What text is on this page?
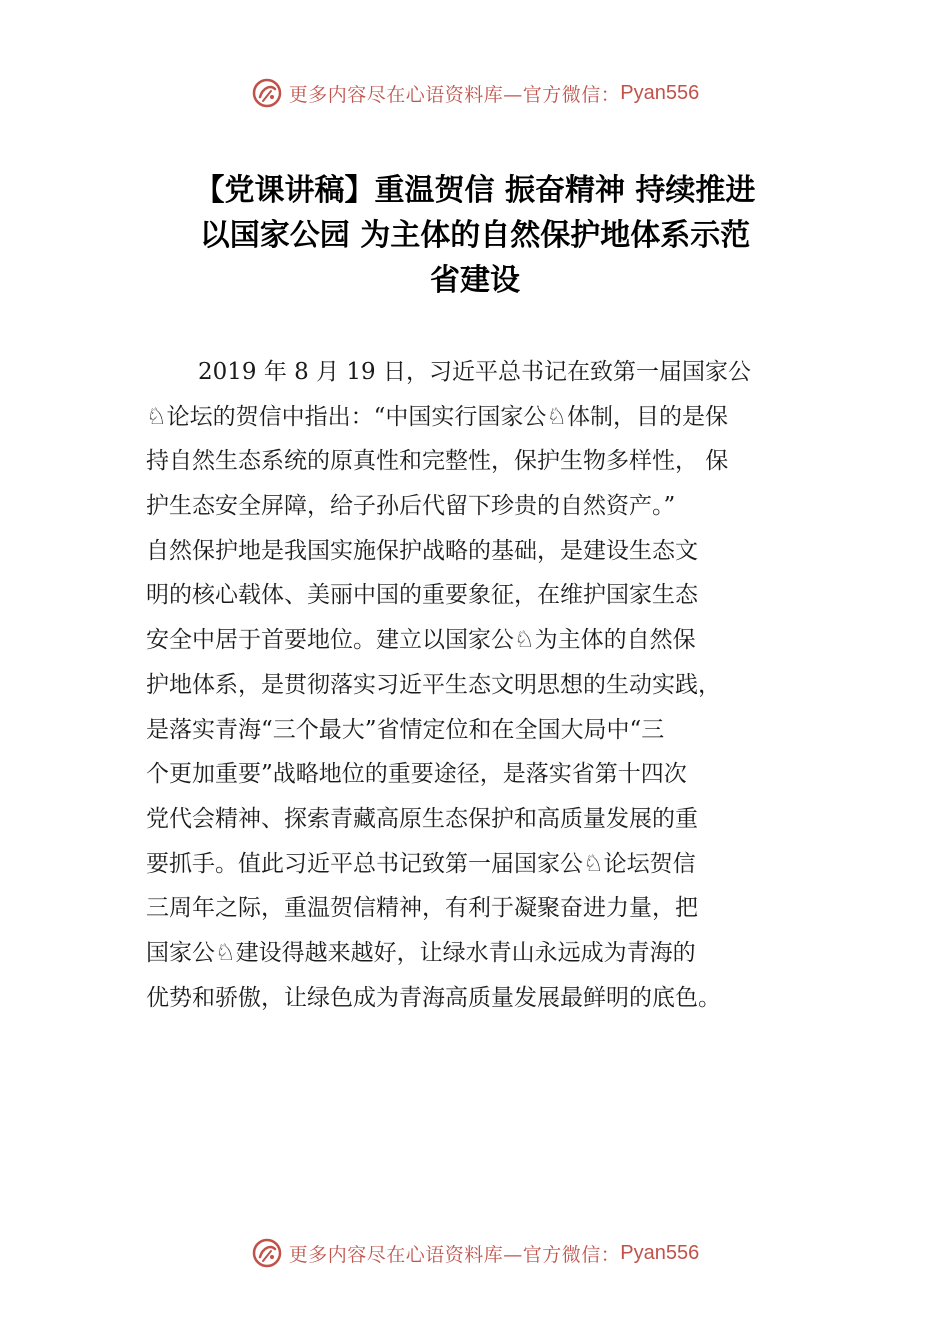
更多内容尽在心语资料库—官方微信： Pyan556
【党课讲稿】重温贺信 振奋精神 持续推进
以国家公园 为主体的自然保护地体系示范
省建设
2019 年 8 月 19 日，习近平总书记在致第一届国家公
♘论坛的贺信中指出：“中国实行国家公♘体制，目的是保
持自然生态系统的原真性和完整性，保护生物多样性， 保
护生态安全屏障，给子孙后代留下珍贵的自然资产。”
自然保护地是我国实施保护战略的基础，是建设生态文
明的核心载体、美丽中国的重要象征，在维护国家生态
安全中居于首要地位。建立以国家公♘为主体的自然保
护地体系，是贯彻落实习近平生态文明思想的生动实践，
是落实青海“三个最大”省情定位和在全国大局中“三
个更加重要”战略地位的重要途径，是落实省第十四次
党代会精神、探索青藏高原生态保护和高质量发展的重
要抓手。值此习近平总书记致第一届国家公♘论坛贺信
三周年之际，重温贺信精神，有利于凝聚奋进力量，把
国家公♘建设得越来越好，让绿水青山永远成为青海的
优势和骄傲，让绿色成为青海高质量发展最鲜明的底色。
更多内容尽在心语资料库—官方微信： Pyan556
